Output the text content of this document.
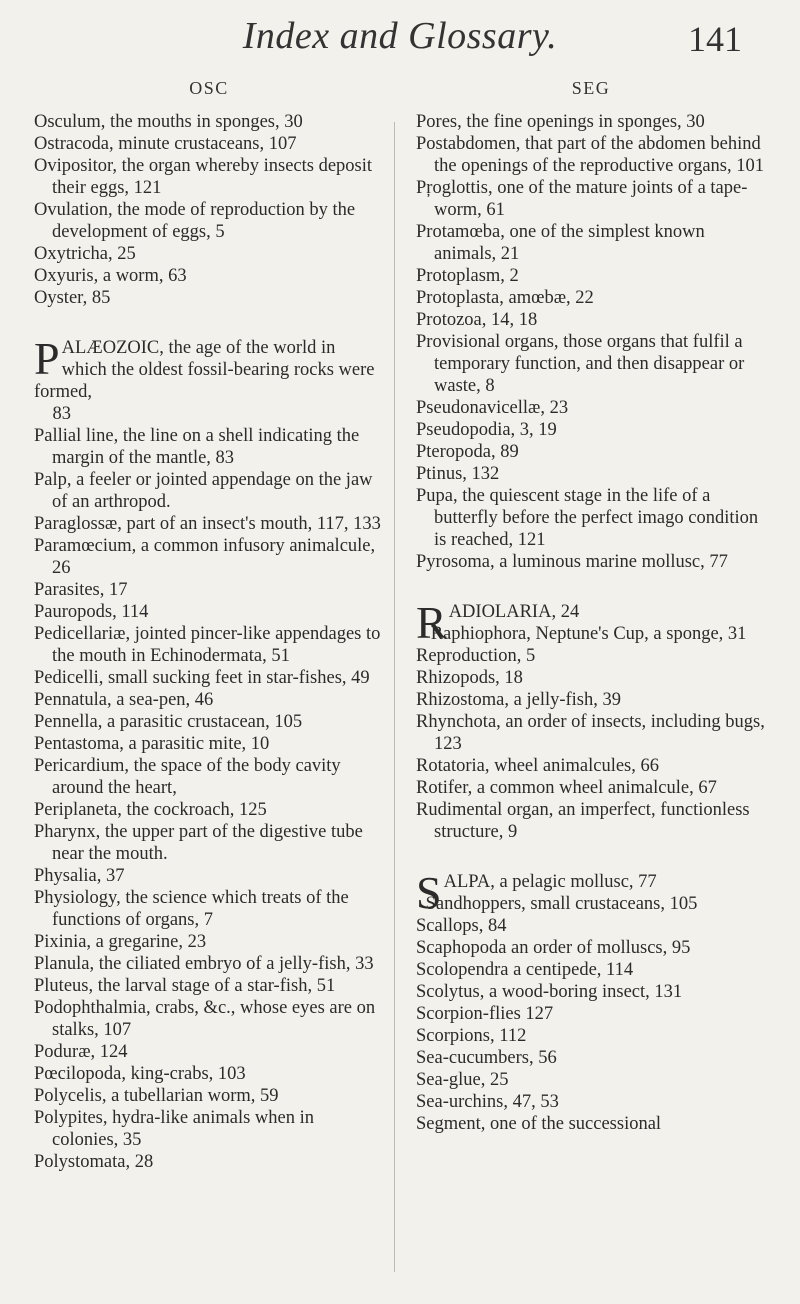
Index and Glossary.	141
OSC

Osculum, the mouths in sponges, 30

Ostracoda, minute crustaceans, 107

Ovipositor, the organ whereby insects deposit their eggs, 121

Ovulation, the mode of reproduction by the development of eggs, 5

Oxytricha, 25

Oxyuris, a worm, 63

Oyster, 85

PALÆOZOIC, the age of the world in which the oldest fossil-bearing rocks were formed,
83

Pallial line, the line on a shell indicating the margin of the mantle, 83

Palp, a feeler or jointed appendage on the jaw of an arthropod.

Paraglossæ, part of an insect's mouth, 117, 133

Paramœcium, a common infusory animalcule, 26

Parasites, 17

Pauropods, 114

Pedicellariæ, jointed pincer-like appendages to the mouth in Echinodermata, 51

Pedicelli, small sucking feet in star-fishes, 49

Pennatula, a sea-pen, 46

Pennella, a parasitic crustacean, 105

Pentastoma, a parasitic mite, 10

Pericardium, the space of the body cavity around the heart,

Periplaneta, the cockroach, 125

Pharynx, the upper part of the digestive tube near the mouth.

Physalia, 37

Physiology, the science which treats of the functions of organs, 7

Pixinia, a gregarine, 23

Planula, the ciliated embryo of a jelly-fish, 33

Pluteus, the larval stage of a star-fish, 51

Podophthalmia, crabs, &c., whose eyes are on stalks, 107

Poduræ, 124

Pœcilopoda, king-crabs, 103

Polycelis, a tubellarian worm, 59

Polypites, hydra-like animals when in colonies, 35

Polystomata, 28

SEG

Pores, the fine openings in sponges, 30

Postabdomen, that part of the abdomen behind the openings of the reproductive organs, 101

Pŗoglottis, one of the mature joints of a tape-worm, 61

Protamœba, one of the simplest known animals, 21

Protoplasm, 2

Protoplasta, amœbæ, 22

Protozoa, 14, 18

Provisional organs, those organs that fulfil a temporary function, and then disappear or waste, 8

Pseudonavicellæ, 23

Pseudopodia, 3, 19

Pteropoda, 89

Ptinus, 132

Pupa, the quiescent stage in the life of a butterfly before the perfect imago condition is reached, 121

Pyrosoma, a luminous marine mollusc, 77

RADIOLARIA, 24

Raphiophora, Neptune's Cup, a sponge, 31

Reproduction, 5

Rhizopods, 18

Rhizostoma, a jelly-fish, 39

Rhynchota, an order of insects, including bugs, 123

Rotatoria, wheel animalcules, 66

Rotifer, a common wheel animalcule, 67

Rudimental organ, an imperfect, functionless structure, 9

SALPA, a pelagic mollusc, 77

Sandhoppers, small crustaceans, 105

Scallops, 84

Scaphopoda an order of molluscs, 95

Scolopendra a centipede, 114

Scolytus, a wood-boring insect, 131

Scorpion-flies 127

Scorpions, 112

Sea-cucumbers, 56

Sea-glue, 25

Sea-urchins, 47, 53

Segment, one of the successional
